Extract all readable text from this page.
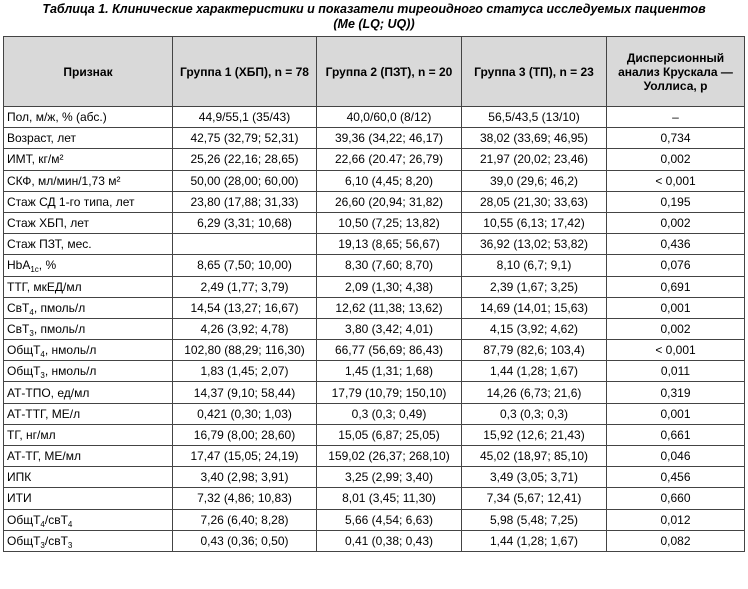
Таблица 1. Клинические характеристики и показатели тиреоидного статуса исследуемых пациентов
(Me (LQ; UQ))
Признак	Группа 1 (ХБП), n = 78	Группа 2 (ПЗТ), n = 20	Группа 3 (ТП), n = 23	Дисперсионный анализ Крускала — Уоллиса, p
Пол, м/ж, % (абс.)	44,9/55,1 (35/43)	40,0/60,0 (8/12)	56,5/43,5 (13/10)	–
Возраст, лет	42,75 (32,79; 52,31)	39,36 (34,22; 46,17)	38,02 (33,69; 46,95)	0,734
ИМТ, кг/м²	25,26 (22,16; 28,65)	22,66 (20.47; 26,79)	21,97 (20,02; 23,46)	0,002
СКФ, мл/мин/1,73 м²	50,00 (28,00; 60,00)	6,10 (4,45; 8,20)	39,0 (29,6; 46,2)	< 0,001
Стаж СД 1-го типа, лет	23,80 (17,88; 31,33)	26,60 (20,94; 31,82)	28,05 (21,30; 33,63)	0,195
Стаж ХБП, лет	6,29 (3,31; 10,68)	10,50 (7,25; 13,82)	10,55 (6,13; 17,42)	0,002
Стаж ПЗТ, мес.		19,13 (8,65; 56,67)	36,92 (13,02; 53,82)	0,436
HbA$_{1c}$, %	8,65 (7,50; 10,00)	8,30 (7,60; 8,70)	8,10 (6,7; 9,1)	0,076
ТТГ, мкЕД/мл	2,49 (1,77; 3,79)	2,09 (1,30; 4,38)	2,39 (1,67; 3,25)	0,691
СвТ$_4$, пмоль/л	14,54 (13,27; 16,67)	12,62 (11,38; 13,62)	14,69 (14,01; 15,63)	0,001
СвТ$_3$, пмоль/л	4,26 (3,92; 4,78)	3,80 (3,42; 4,01)	4,15 (3,92; 4,62)	0,002
ОбщТ$_4$, нмоль/л	102,80 (88,29; 116,30)	66,77 (56,69; 86,43)	87,79 (82,6; 103,4)	< 0,001
ОбщТ$_3$, нмоль/л	1,83 (1,45; 2,07)	1,45 (1,31; 1,68)	1,44 (1,28; 1,67)	0,011
АТ-ТПО, ед/мл	14,37 (9,10; 58,44)	17,79 (10,79; 150,10)	14,26 (6,73; 21,6)	0,319
АТ-ТТГ, МЕ/л	0,421 (0,30; 1,03)	0,3 (0,3; 0,49)	0,3 (0,3; 0,3)	0,001
ТГ, нг/мл	16,79 (8,00; 28,60)	15,05 (6,87; 25,05)	15,92 (12,6; 21,43)	0,661
АТ-ТГ, МЕ/мл	17,47 (15,05; 24,19)	159,02 (26,37; 268,10)	45,02 (18,97; 85,10)	0,046
ИПК	3,40 (2,98; 3,91)	3,25 (2,99; 3,40)	3,49 (3,05; 3,71)	0,456
ИТИ	7,32 (4,86; 10,83)	8,01 (3,45; 11,30)	7,34 (5,67; 12,41)	0,660
ОбщТ$_4$/свТ$_4$	7,26 (6,40; 8,28)	5,66 (4,54; 6,63)	5,98 (5,48; 7,25)	0,012
ОбщТ$_3$/свТ$_3$	0,43 (0,36; 0,50)	0,41 (0,38; 0,43)	1,44 (1,28; 1,67)	0,082
